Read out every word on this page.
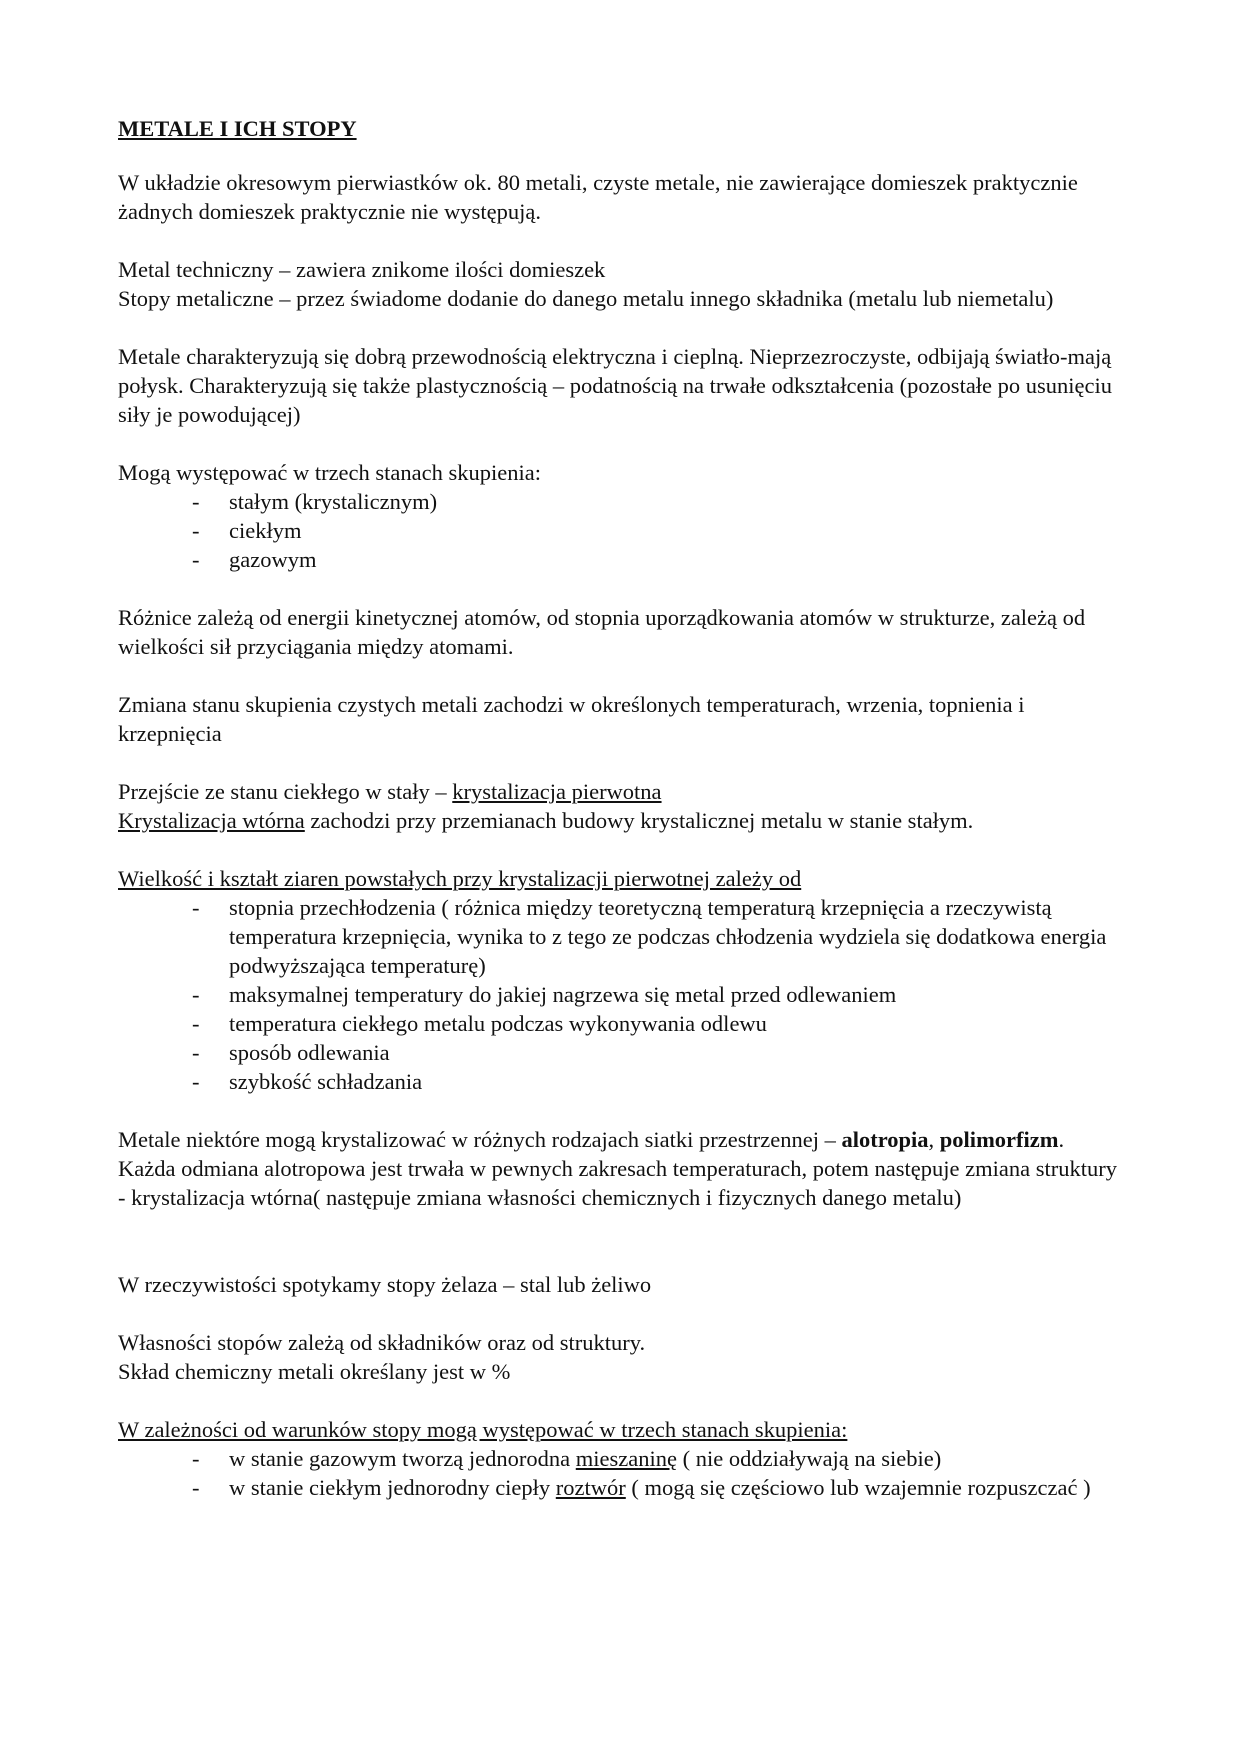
METALE I ICH STOPY
W układzie okresowym pierwiastków ok. 80 metali, czyste metale, nie zawierające domieszek praktycznie żadnych domieszek praktycznie nie występują.
Metal techniczny – zawiera znikome ilości domieszek
Stopy metaliczne – przez świadome dodanie do danego metalu innego składnika (metalu lub niemetalu)
Metale charakteryzują się dobrą przewodnością elektryczna i cieplną. Nieprzezroczyste, odbijają światło-mają połysk. Charakteryzują się także plastycznością – podatnością na trwałe odkształcenia (pozostałe po usunięciu siły je powodującej)
Mogą występować w trzech stanach skupienia:
- stałym (krystalicznym)
- ciekłym
- gazowym
Różnice zależą od energii kinetycznej atomów, od stopnia uporządkowania atomów w strukturze, zależą od wielkości sił przyciągania między atomami.
Zmiana stanu skupienia czystych metali zachodzi w określonych temperaturach, wrzenia, topnienia i krzepnięcia
Przejście ze stanu ciekłego w stały – krystalizacja pierwotna
Krystalizacja wtórna zachodzi przy przemianach budowy krystalicznej metalu w stanie stałym.
Wielkość i kształt ziaren powstałych przy krystalizacji pierwotnej zależy od
- stopnia przechłodzenia ( różnica między teoretyczną temperaturą krzepnięcia a rzeczywistą temperatura krzepnięcia, wynika to z tego ze podczas chłodzenia wydziela się dodatkowa energia podwyższająca temperaturę)
- maksymalnej temperatury do jakiej nagrzewa się metal przed odlewaniem
- temperatura ciekłego metalu podczas wykonywania odlewu
- sposób odlewania
- szybkość schładzania
Metale niektóre mogą krystalizować w różnych rodzajach siatki przestrzennej – alotropia, polimorfizm.
Każda odmiana alotropowa jest trwała w pewnych zakresach temperaturach, potem następuje zmiana struktury - krystalizacja wtórna( następuje zmiana własności chemicznych i fizycznych danego metalu)
W rzeczywistości spotykamy stopy żelaza – stal lub żeliwo
Własności stopów zależą od składników oraz od struktury.
Skład chemiczny metali określany jest w %
W zależności od warunków stopy mogą występować w trzech stanach skupienia:
- w stanie gazowym tworzą jednorodna mieszaninę ( nie oddziaływają na siebie)
- w stanie ciekłym jednorodny ciepły roztwór ( mogą się częściowo lub wzajemnie rozpuszczać )
